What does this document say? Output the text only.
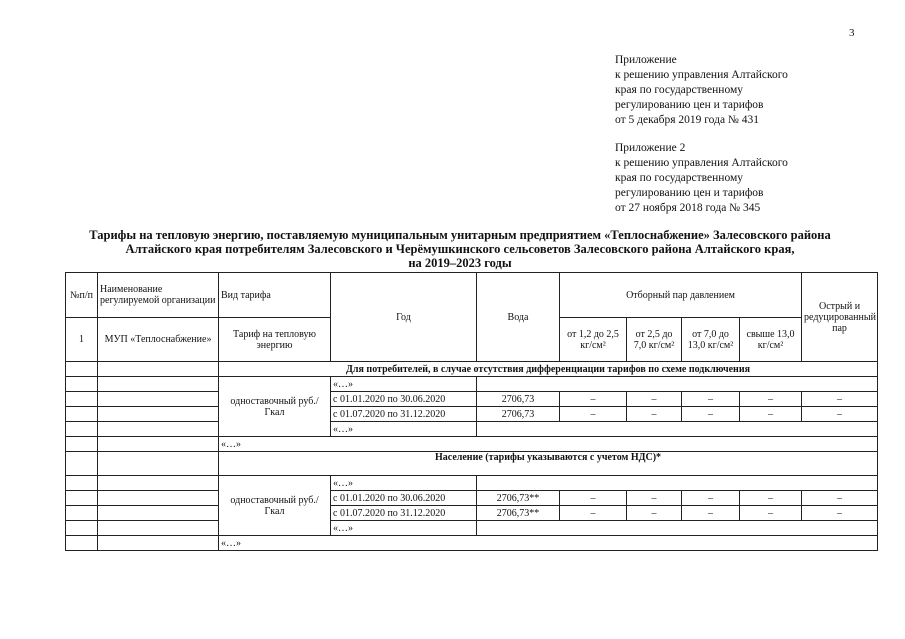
3
Приложение
к решению управления Алтайского
края по государственному
регулированию цен и тарифов
от 5 декабря 2019 года № 431
Приложение 2
к решению управления Алтайского
края по государственному
регулированию цен и тарифов
от 27 ноября 2018 года № 345
Тарифы на тепловую энергию, поставляемую муниципальным унитарным предприятием «Теплоснабжение» Залесовского района
Алтайского края потребителям Залесовского и Черёмушкинского сельсоветов Залесовского района Алтайского края,
на 2019–2023 годы
№п/п	Наименование регулируемой организации	Вид тарифа	Год	Вода	Отборный пар давлением				Острый и редуцированный пар
1	МУП «Теплоснабжение»	Тариф на тепловую энергию			от 1,2 до 2,5 кг/см²	от 2,5 до 7,0 кг/см²	от 7,0 до 13,0 кг/см²	свыше 13,0 кг/см²	
		Для потребителей, в случае отсутствия дифференциации тарифов по схеме подключения							
		одноставочный руб./Гкал	«…»						
			с 01.01.2020 по 30.06.2020	2706,73	–	–	–	–	–
			с 01.07.2020 по 31.12.2020	2706,73	–	–	–	–	–
			«…»						
		«…»							
		Население (тарифы указываются с учетом НДС)*							
		одноставочный руб./Гкал	«…»						
			с 01.01.2020 по 30.06.2020	2706,73**	–	–	–	–	–
			с 01.07.2020 по 31.12.2020	2706,73**	–	–	–	–	–
			«…»						
		«…»							
